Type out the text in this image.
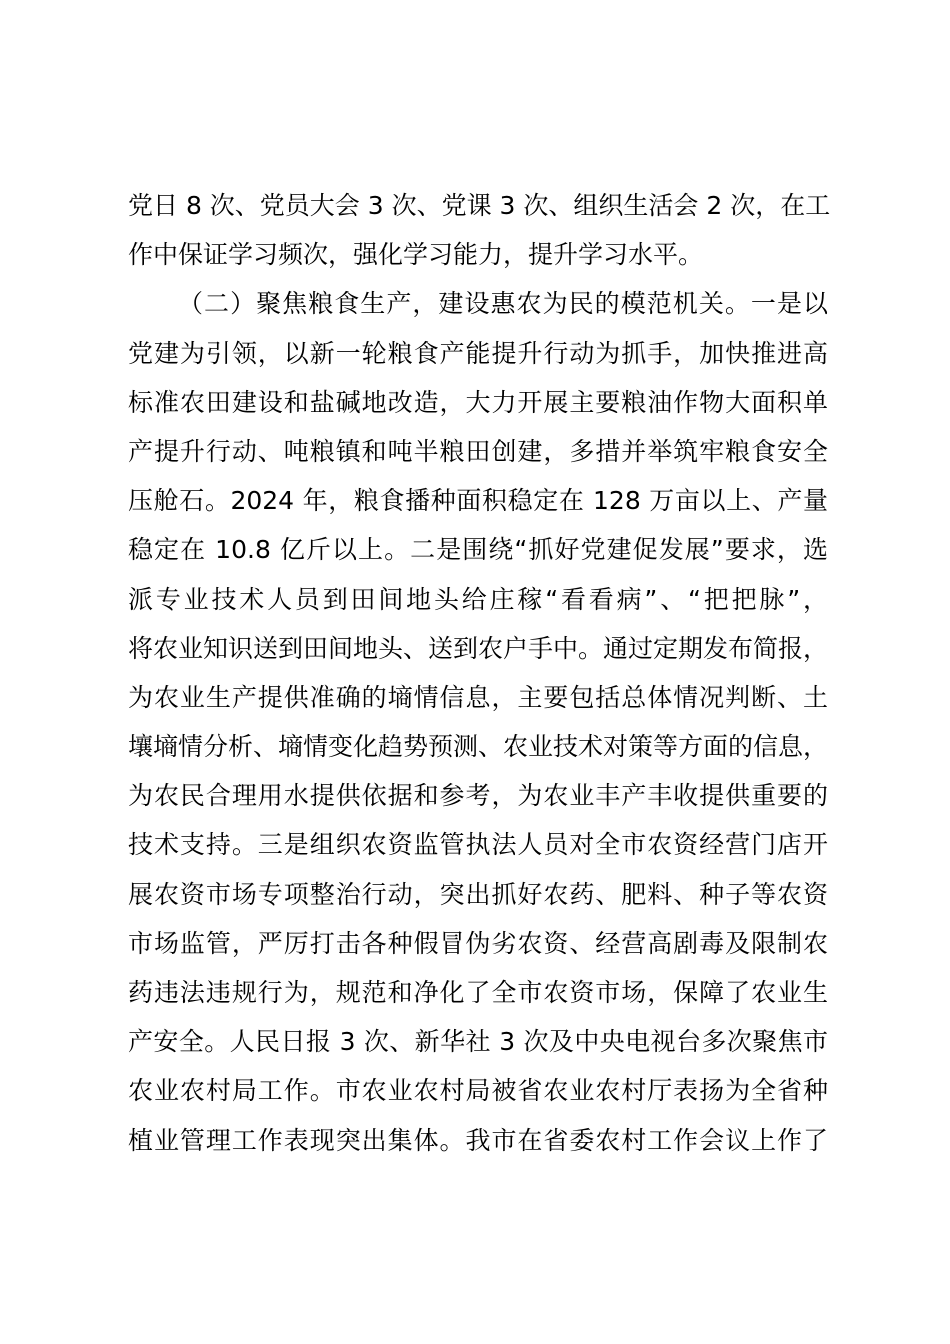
党日 8 次、党员大会 3 次、党课 3 次、组织生活会 2 次，在工
作中保证学习频次，强化学习能力，提升学习水平。
（二）聚焦粮食生产，建设惠农为民的模范机关。一是以
党建为引领，以新一轮粮食产能提升行动为抓手，加快推进高
标准农田建设和盐碱地改造，大力开展主要粮油作物大面积单
产提升行动、吨粮镇和吨半粮田创建，多措并举筑牢粮食安全
压舱石。2024 年，粮食播种面积稳定在 128 万亩以上、产量
稳定在 10.8 亿斤以上。二是围绕“抓好党建促发展”要求，选
派专业技术人员到田间地头给庄稼“看看病”、“把把脉”，
将农业知识送到田间地头、送到农户手中。通过定期发布简报，
为农业生产提供准确的墒情信息，主要包括总体情况判断、土
壤墒情分析、墒情变化趋势预测、农业技术对策等方面的信息，
为农民合理用水提供依据和参考，为农业丰产丰收提供重要的
技术支持。三是组织农资监管执法人员对全市农资经营门店开
展农资市场专项整治行动，突出抓好农药、肥料、种子等农资
市场监管，严厉打击各种假冒伪劣农资、经营高剧毒及限制农
药违法违规行为，规范和净化了全市农资市场，保障了农业生
产安全。人民日报 3 次、新华社 3 次及中央电视台多次聚焦市
农业农村局工作。市农业农村局被省农业农村厅表扬为全省种
植业管理工作表现突出集体。我市在省委农村工作会议上作了
